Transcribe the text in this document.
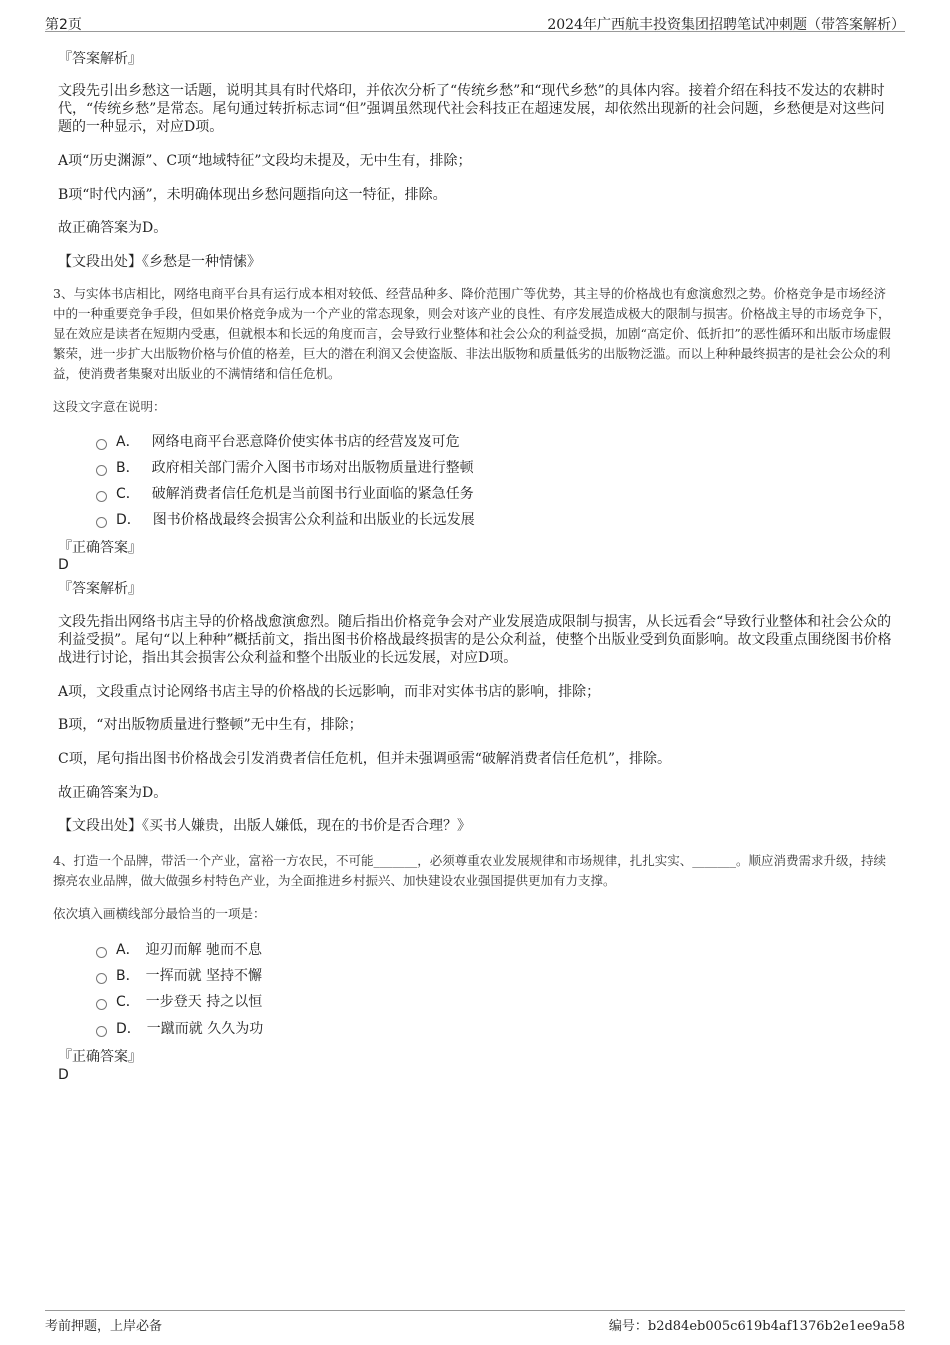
第2页	2024年广西航丰投资集团招聘笔试冲刺题（带答案解析）
『答案解析』
文段先引出乡愁这一话题，说明其具有时代烙印，并依次分析了“传统乡愁”和“现代乡愁”的具体内容。接着介绍在科技不发达的农耕时代，“传统乡愁”是常态。尾句通过转折标志词“但”强调虽然现代社会科技正在超速发展，却依然出现新的社会问题，乡愁便是对这些问题的一种显示，对应D项。
A项“历史渊源”、C项“地域特征”文段均未提及，无中生有，排除；
B项“时代内涵”，未明确体现出乡愁问题指向这一特征，排除。
故正确答案为D。
【文段出处】《乡愁是一种情愫》
3、与实体书店相比，网络电商平台具有运行成本相对较低、经营品种多、降价范围广等优势，其主导的价格战也有愈演愈烈之势。价格竞争是市场经济中的一种重要竞争手段，但如果价格竞争成为一个产业的常态现象，则会对该产业的良性、有序发展造成极大的限制与损害。价格战主导的市场竞争下，显在效应是读者在短期内受惠，但就根本和长远的角度而言，会导致行业整体和社会公众的利益受损，加剧“高定价、低折扣”的恶性循环和出版市场虚假繁荣，进一步扩大出版物价格与价值的格差，巨大的潜在利润又会使盗版、非法出版物和质量低劣的出版物泛滥。而以上种种最终损害的是社会公众的利益，使消费者集聚对出版业的不满情绪和信任危机。
这段文字意在说明：
A． 网络电商平台恶意降价使实体书店的经营岌岌可危
B． 政府相关部门需介入图书市场对出版物质量进行整顿
C． 破解消费者信任危机是当前图书行业面临的紧急任务
D． 图书价格战最终会损害公众利益和出版业的长远发展
『正确答案』
D
『答案解析』
文段先指出网络书店主导的价格战愈演愈烈。随后指出价格竞争会对产业发展造成限制与损害，从长远看会“导致行业整体和社会公众的利益受损”。尾句“以上种种”概括前文，指出图书价格战最终损害的是公众利益，使整个出版业受到负面影响。故文段重点围绕图书价格战进行讨论，指出其会损害公众利益和整个出版业的长远发展，对应D项。
A项，文段重点讨论网络书店主导的价格战的长远影响，而非对实体书店的影响，排除；
B项，“对出版物质量进行整顿”无中生有，排除；
C项，尾句指出图书价格战会引发消费者信任危机，但并未强调亟需“破解消费者信任危机”，排除。
故正确答案为D。
【文段出处】《买书人嫌贵，出版人嫌低，现在的书价是否合理？》
4、打造一个品牌，带活一个产业，富裕一方农民，不可能_______，必须尊重农业发展规律和市场规律，扎扎实实、_______。顺应消费需求升级，持续擦亮农业品牌，做大做强乡村特色产业，为全面推进乡村振兴、加快建设农业强国提供更加有力支撑。
依次填入画横线部分最恰当的一项是：
A． 迎刃而解 驰而不息
B． 一挥而就 坚持不懈
C． 一步登天 持之以恒
D． 一蹴而就 久久为功
『正确答案』
D
考前押题，上岸必备	编号：b2d84eb005c619b4af1376b2e1ee9a58
